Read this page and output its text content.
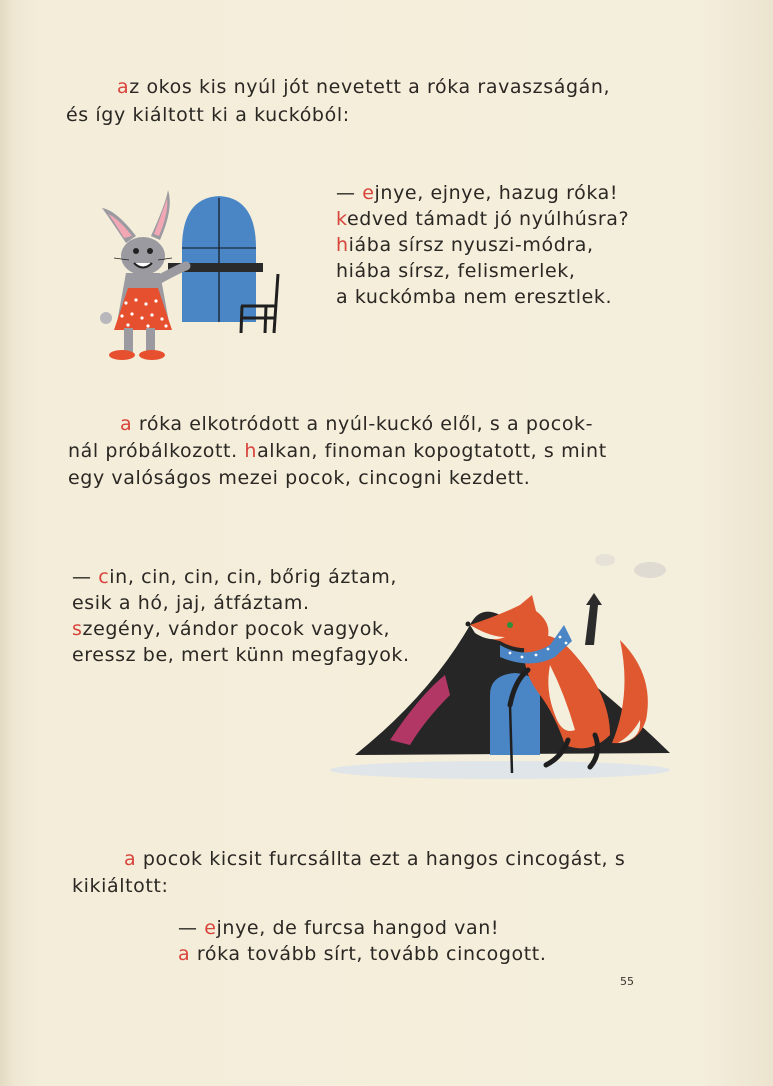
az okos kis nyúl jót nevetett a róka ravaszságán,
és így kiáltott ki a kuckóból:
— ejnye, ejnye, hazug róka!
kedved támadt jó nyúlhúsra?
hiába sírsz nyuszi-módra,
hiába sírsz, felismerlek,
a kuckómba nem eresztlek.
a róka elkotródott a nyúl-kuckó elől, s a pocok-
nál próbálkozott. halkan, finoman kopogtatott, s mint
egy valóságos mezei pocok, cincogni kezdett.
— cin, cin, cin, cin, bőrig áztam,
esik a hó, jaj, átfáztam.
szegény, vándor pocok vagyok,
eressz be, mert künn megfagyok.
a pocok kicsit furcsállta ezt a hangos cincogást, s
kikiáltott:
— ejnye, de furcsa hangod van!
a róka tovább sírt, tovább cincogott.
55
